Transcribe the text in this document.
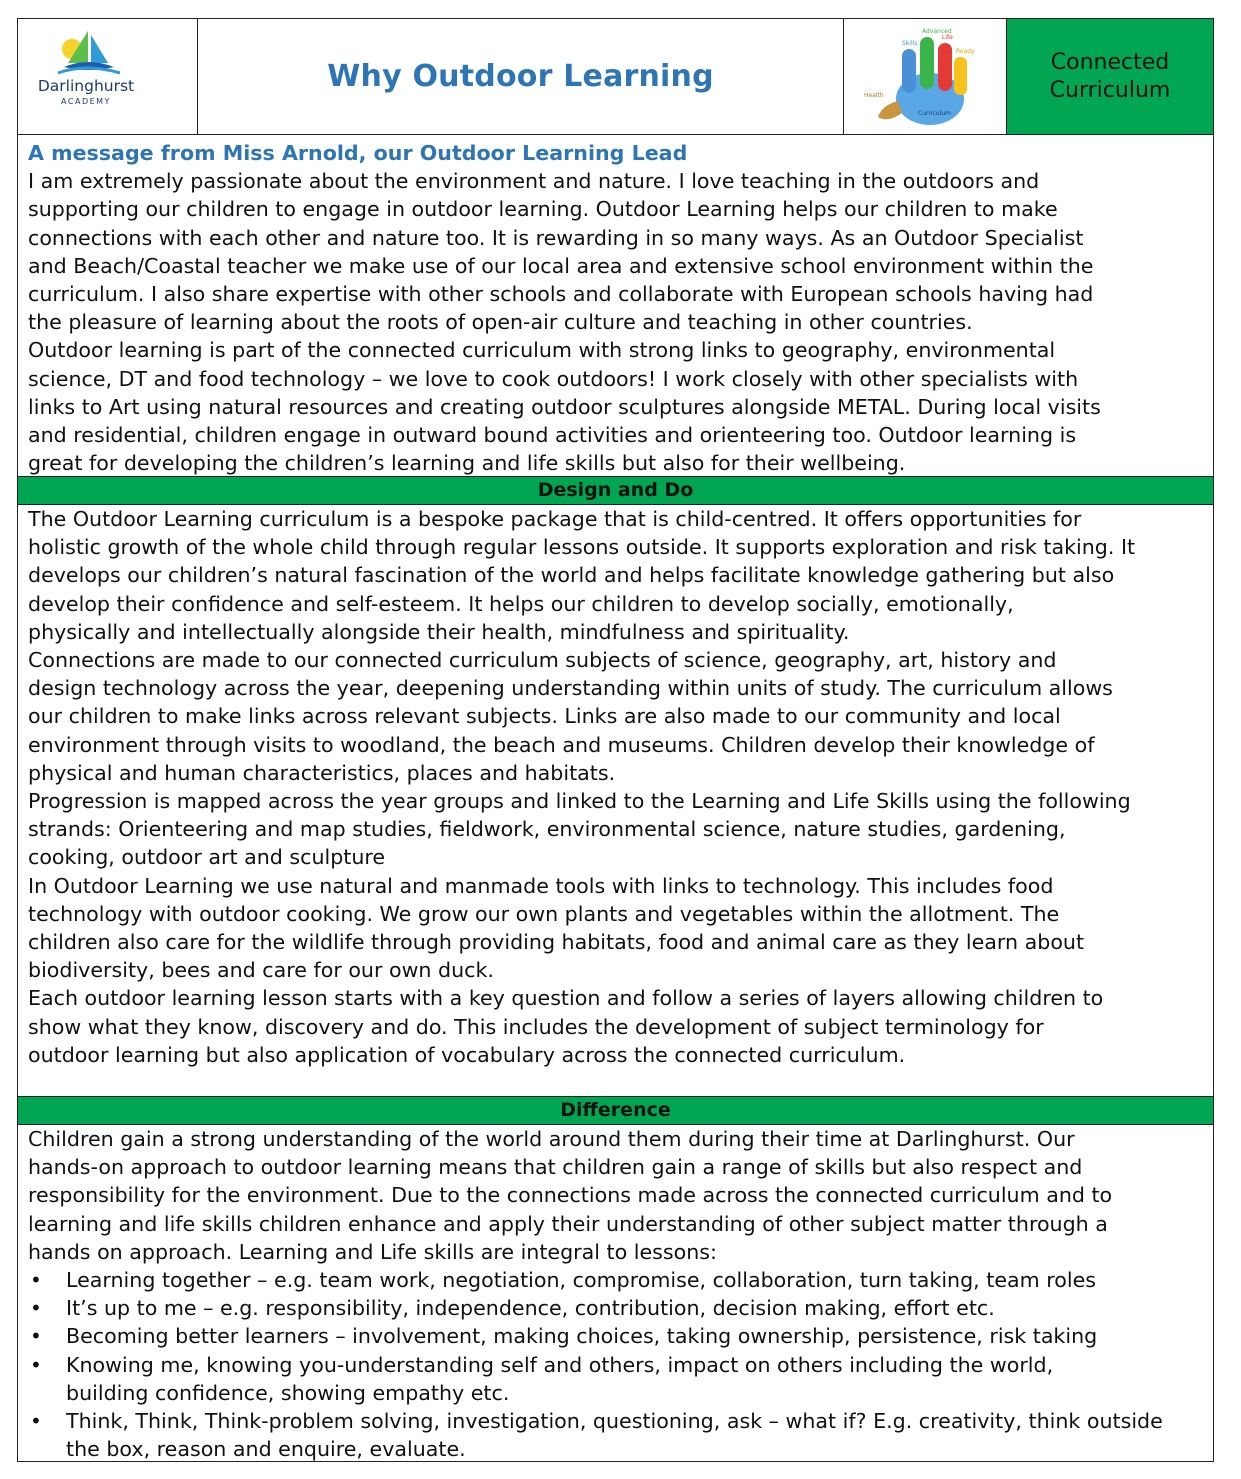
Darlinghurst
ACADEMY
Why Outdoor Learning
Skills
Advanced
Life
Ready
Health
Curriculum
Connected
Curriculum
A message from Miss Arnold, our Outdoor Learning Lead
I am extremely passionate about the environment and nature. I love teaching in the outdoors and
supporting our children to engage in outdoor learning. Outdoor Learning helps our children to make
connections with each other and nature too. It is rewarding in so many ways. As an Outdoor Specialist
and Beach/Coastal teacher we make use of our local area and extensive school environment within the
curriculum. I also share expertise with other schools and collaborate with European schools having had
the pleasure of learning about the roots of open-air culture and teaching in other countries.
Outdoor learning is part of the connected curriculum with strong links to geography, environmental
science, DT and food technology – we love to cook outdoors! I work closely with other specialists with
links to Art using natural resources and creating outdoor sculptures alongside METAL. During local visits
and residential, children engage in outward bound activities and orienteering too. Outdoor learning is
great for developing the children’s learning and life skills but also for their wellbeing.
Design and Do
The Outdoor Learning curriculum is a bespoke package that is child-centred. It offers opportunities for
holistic growth of the whole child through regular lessons outside. It supports exploration and risk taking. It
develops our children’s natural fascination of the world and helps facilitate knowledge gathering but also
develop their confidence and self-esteem. It helps our children to develop socially, emotionally,
physically and intellectually alongside their health, mindfulness and spirituality.
Connections are made to our connected curriculum subjects of science, geography, art, history and
design technology across the year, deepening understanding within units of study. The curriculum allows
our children to make links across relevant subjects. Links are also made to our community and local
environment through visits to woodland, the beach and museums. Children develop their knowledge of
physical and human characteristics, places and habitats.
Progression is mapped across the year groups and linked to the Learning and Life Skills using the following
strands: Orienteering and map studies, fieldwork, environmental science, nature studies, gardening,
cooking, outdoor art and sculpture
In Outdoor Learning we use natural and manmade tools with links to technology. This includes food
technology with outdoor cooking. We grow our own plants and vegetables within the allotment. The
children also care for the wildlife through providing habitats, food and animal care as they learn about
biodiversity, bees and care for our own duck.
Each outdoor learning lesson starts with a key question and follow a series of layers allowing children to
show what they know, discovery and do. This includes the development of subject terminology for
outdoor learning but also application of vocabulary across the connected curriculum.
Difference
Children gain a strong understanding of the world around them during their time at Darlinghurst. Our
hands-on approach to outdoor learning means that children gain a range of skills but also respect and
responsibility for the environment. Due to the connections made across the connected curriculum and to
learning and life skills children enhance and apply their understanding of other subject matter through a
hands on approach. Learning and Life skills are integral to lessons:
• Learning together – e.g. team work, negotiation, compromise, collaboration, turn taking, team roles
• It’s up to me – e.g. responsibility, independence, contribution, decision making, effort etc.
• Becoming better learners – involvement, making choices, taking ownership, persistence, risk taking
• Knowing me, knowing you-understanding self and others, impact on others including the world,
building confidence, showing empathy etc.
• Think, Think, Think-problem solving, investigation, questioning, ask – what if? E.g. creativity, think outside
the box, reason and enquire, evaluate.
